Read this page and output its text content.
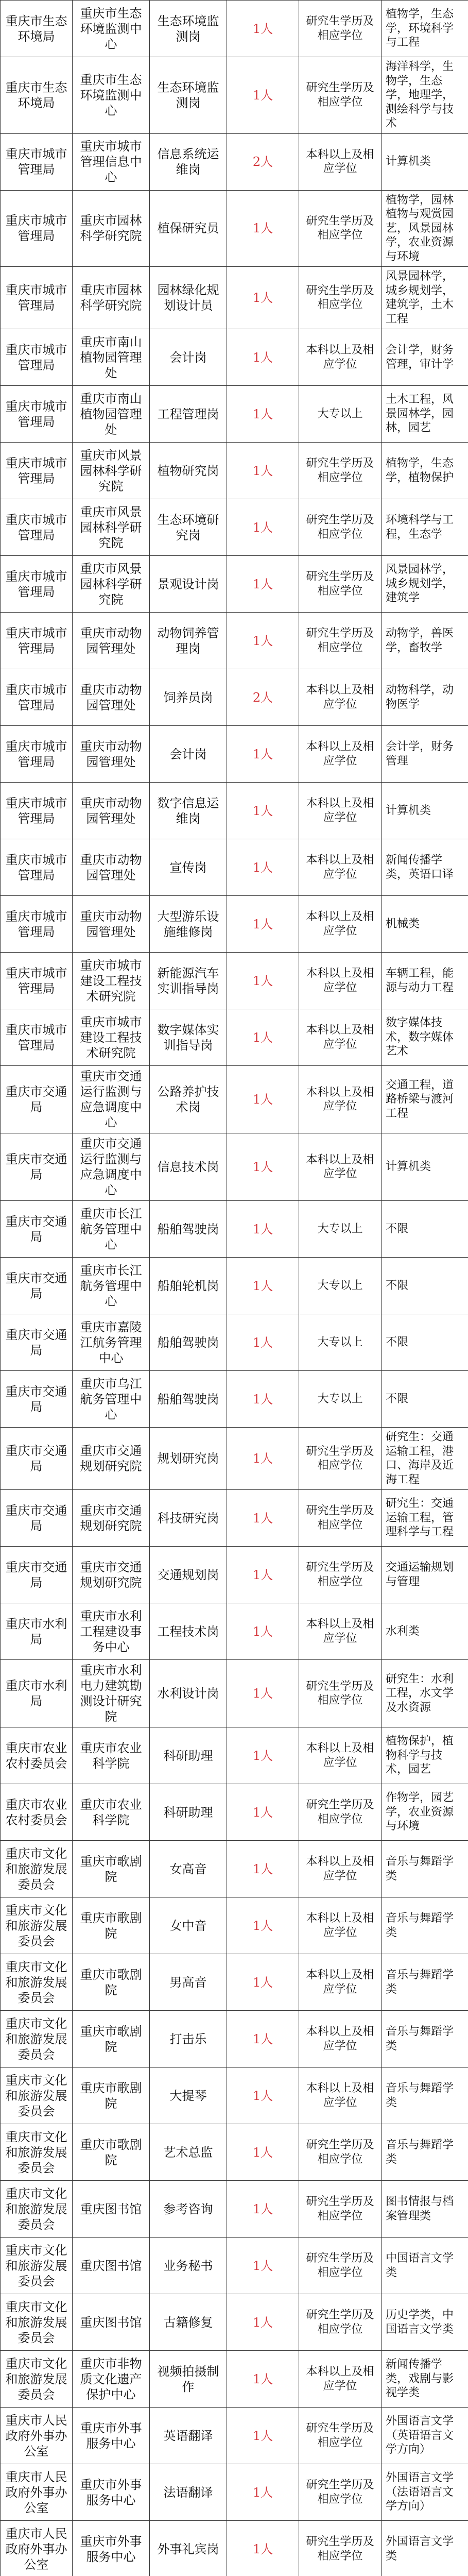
重庆市生态环境局	重庆市生态环境监测中心	生态环境监测岗	1人	研究生学历及相应学位	植物学，生态学，环境科学与工程
重庆市生态环境局	重庆市生态环境监测中心	生态环境监测岗	1人	研究生学历及相应学位	海洋科学，生物学，生态学，地理学，测绘科学与技术
重庆市城市管理局	重庆市城市管理信息中心	信息系统运维岗	2人	本科以上及相应学位	计算机类
重庆市城市管理局	重庆市园林科学研究院	植保研究员	1人	研究生学历及相应学位	植物学，园林植物与观赏园艺，风景园林学，农业资源与环境
重庆市城市管理局	重庆市园林科学研究院	园林绿化规划设计员	1人	研究生学历及相应学位	风景园林学，城乡规划学，建筑学，土木工程
重庆市城市管理局	重庆市南山植物园管理处	会计岗	1人	本科以上及相应学位	会计学，财务管理，审计学
重庆市城市管理局	重庆市南山植物园管理处	工程管理岗	1人	大专以上	土木工程，风景园林学，园林，园艺
重庆市城市管理局	重庆市风景园林科学研究院	植物研究岗	1人	研究生学历及相应学位	植物学，生态学，植物保护
重庆市城市管理局	重庆市风景园林科学研究院	生态环境研究岗	1人	研究生学历及相应学位	环境科学与工程，生态学
重庆市城市管理局	重庆市风景园林科学研究院	景观设计岗	1人	研究生学历及相应学位	风景园林学，城乡规划学，建筑学
重庆市城市管理局	重庆市动物园管理处	动物饲养管理岗	1人	研究生学历及相应学位	动物学，兽医学，畜牧学
重庆市城市管理局	重庆市动物园管理处	饲养员岗	2人	本科以上及相应学位	动物科学，动物医学
重庆市城市管理局	重庆市动物园管理处	会计岗	1人	本科以上及相应学位	会计学，财务管理
重庆市城市管理局	重庆市动物园管理处	数字信息运维岗	1人	本科以上及相应学位	计算机类
重庆市城市管理局	重庆市动物园管理处	宣传岗	1人	本科以上及相应学位	新闻传播学类，英语口译
重庆市城市管理局	重庆市动物园管理处	大型游乐设施维修岗	1人	本科以上及相应学位	机械类
重庆市城市管理局	重庆市城市建设工程技术研究院	新能源汽车实训指导岗	1人	本科以上及相应学位	车辆工程，能源与动力工程
重庆市城市管理局	重庆市城市建设工程技术研究院	数字媒体实训指导岗	1人	本科以上及相应学位	数字媒体技术，数字媒体艺术
重庆市交通局	重庆市交通运行监测与应急调度中心	公路养护技术岗	1人	本科以上及相应学位	交通工程，道路桥梁与渡河工程
重庆市交通局	重庆市交通运行监测与应急调度中心	信息技术岗	1人	本科以上及相应学位	计算机类
重庆市交通局	重庆市长江航务管理中心	船舶驾驶岗	1人	大专以上	不限
重庆市交通局	重庆市长江航务管理中心	船舶轮机岗	1人	大专以上	不限
重庆市交通局	重庆市嘉陵江航务管理中心	船舶驾驶岗	1人	大专以上	不限
重庆市交通局	重庆市乌江航务管理中心	船舶驾驶岗	1人	大专以上	不限
重庆市交通局	重庆市交通规划研究院	规划研究岗	1人	研究生学历及相应学位	研究生：交通运输工程，港口、海岸及近海工程
重庆市交通局	重庆市交通规划研究院	科技研究岗	1人	研究生学历及相应学位	研究生：交通运输工程，管理科学与工程
重庆市交通局	重庆市交通规划研究院	交通规划岗	1人	研究生学历及相应学位	交通运输规划与管理
重庆市水利局	重庆市水利工程建设事务中心	工程技术岗	1人	本科以上及相应学位	水利类
重庆市水利局	重庆市水利电力建筑勘测设计研究院	水利设计岗	1人	研究生学历及相应学位	研究生：水利工程，水文学及水资源
重庆市农业农村委员会	重庆市农业科学院	科研助理	1人	本科以上及相应学位	植物保护，植物科学与技术，园艺
重庆市农业农村委员会	重庆市农业科学院	科研助理	1人	研究生学历及相应学位	作物学，园艺学，农业资源与环境
重庆市文化和旅游发展委员会	重庆市歌剧院	女高音	1人	本科以上及相应学位	音乐与舞蹈学类
重庆市文化和旅游发展委员会	重庆市歌剧院	女中音	1人	本科以上及相应学位	音乐与舞蹈学类
重庆市文化和旅游发展委员会	重庆市歌剧院	男高音	1人	本科以上及相应学位	音乐与舞蹈学类
重庆市文化和旅游发展委员会	重庆市歌剧院	打击乐	1人	本科以上及相应学位	音乐与舞蹈学类
重庆市文化和旅游发展委员会	重庆市歌剧院	大提琴	1人	本科以上及相应学位	音乐与舞蹈学类
重庆市文化和旅游发展委员会	重庆市歌剧院	艺术总监	1人	研究生学历及相应学位	音乐与舞蹈学类
重庆市文化和旅游发展委员会	重庆图书馆	参考咨询	1人	研究生学历及相应学位	图书情报与档案管理类
重庆市文化和旅游发展委员会	重庆图书馆	业务秘书	1人	研究生学历及相应学位	中国语言文学类
重庆市文化和旅游发展委员会	重庆图书馆	古籍修复	1人	研究生学历及相应学位	历史学类，中国语言文学类
重庆市文化和旅游发展委员会	重庆市非物质文化遗产保护中心	视频拍摄制作	1人	本科以上及相应学位	新闻传播学类，戏剧与影视学类
重庆市人民政府外事办公室	重庆市外事服务中心	英语翻译	1人	研究生学历及相应学位	外国语言文学（英语语言文学方向）
重庆市人民政府外事办公室	重庆市外事服务中心	法语翻译	1人	研究生学历及相应学位	外国语言文学（法语语言文学方向）
重庆市人民政府外事办公室	重庆市外事服务中心	外事礼宾岗	1人	研究生学历及相应学位	外国语言文学类
